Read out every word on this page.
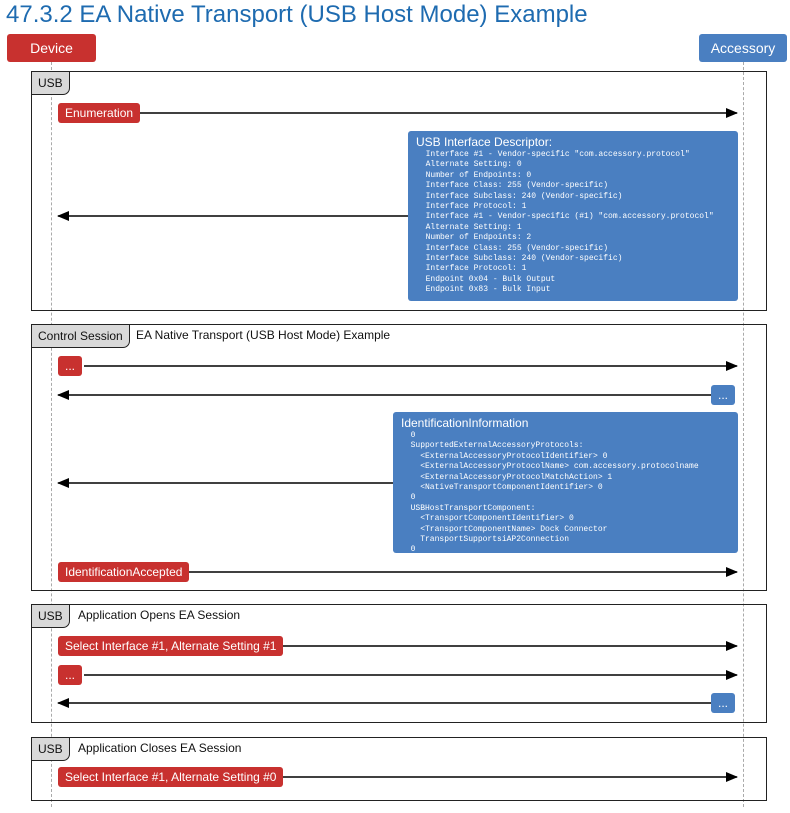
47.3.2 EA Native Transport (USB Host Mode) Example
Device	Accessory
USB
Control Session	EA Native Transport (USB Host Mode) Example
USB	Application Opens EA Session
USB	Application Closes EA Session
Enumeration
...
...
IdentificationAccepted
Select Interface #1, Alternate Setting #1
...
...
Select Interface #1, Alternate Setting #0
USB Interface Descriptor:
Interface #1 - Vendor-specific "com.accessory.protocol"
Alternate Setting: 0
Number of Endpoints: 0
Interface Class: 255 (Vendor-specific)
Interface Subclass: 240 (Vendor-specific)
Interface Protocol: 1
Interface #1 - Vendor-specific (#1) "com.accessory.protocol"
Alternate Setting: 1
Number of Endpoints: 2
Interface Class: 255 (Vendor-specific)
Interface Subclass: 240 (Vendor-specific)
Interface Protocol: 1
Endpoint 0x04 - Bulk Output
Endpoint 0x83 - Bulk Input
IdentificationInformation
0
SupportedExternalAccessoryProtocols:
<ExternalAccessoryProtocolIdentifier> 0
<ExternalAccessoryProtocolName> com.accessory.protocolname
<ExternalAccessoryProtocolMatchAction> 1
<NativeTransportComponentIdentifier> 0
0
USBHostTransportComponent:
<TransportComponentIdentifier> 0
<TransportComponentName> Dock Connector
TransportSupportsiAP2Connection
0
